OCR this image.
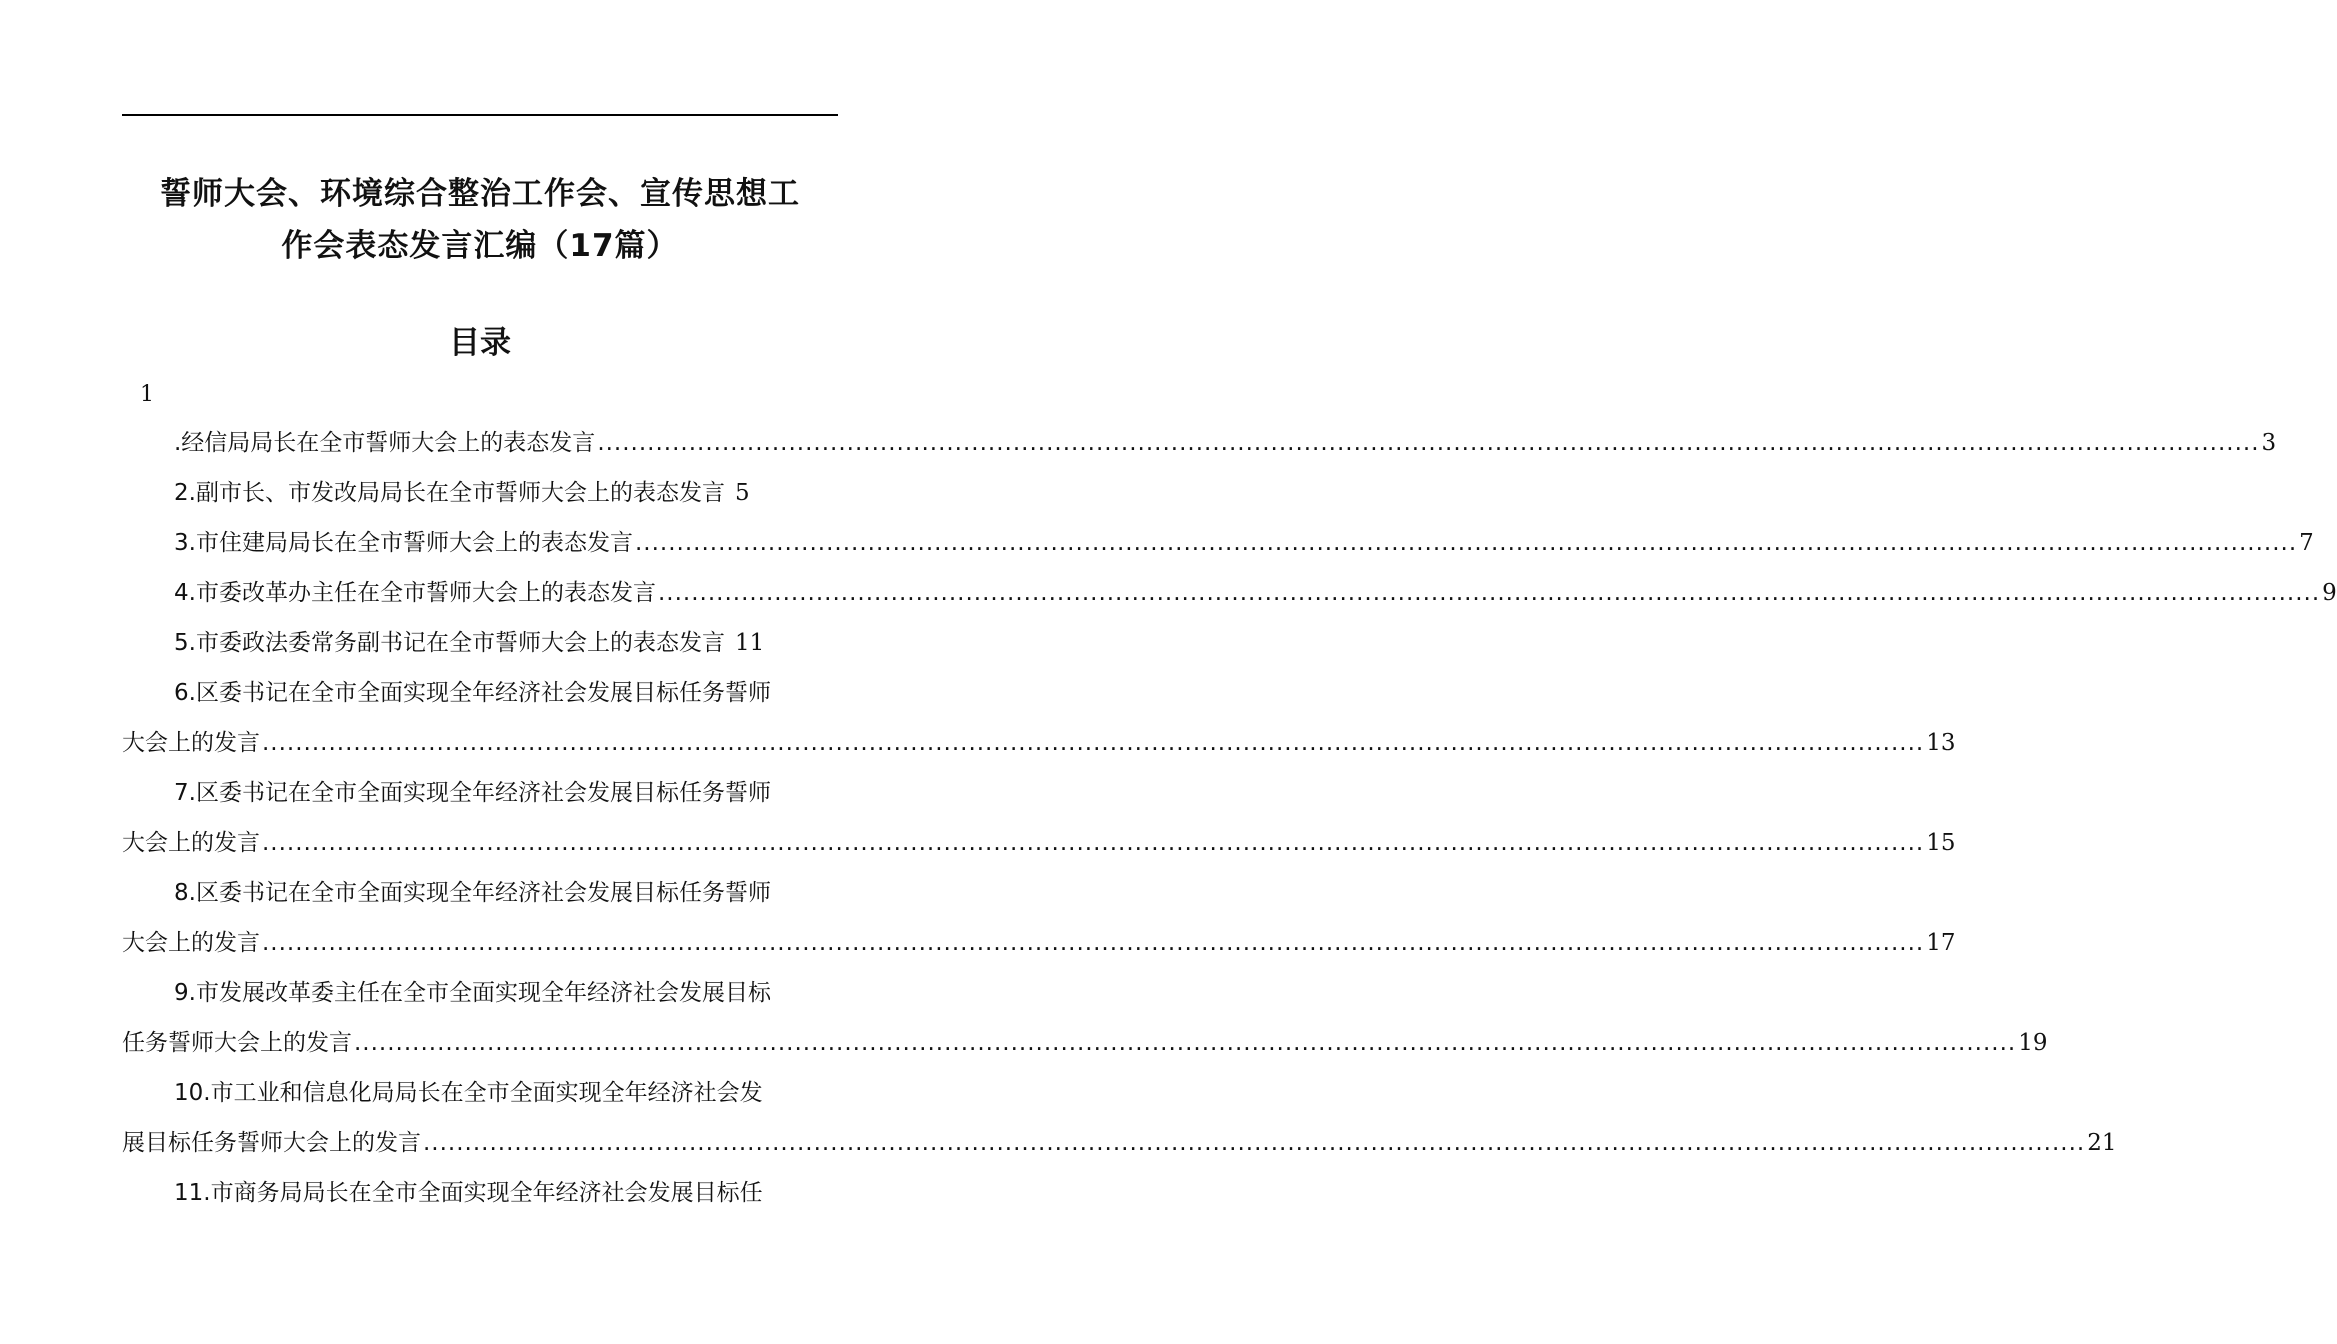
誓师大会、环境综合整治工作会、宣传思想工
作会表态发言汇编（17篇）
目录
1
.经信局局长在全市誓师大会上的表态发言 ........................................................................................................................................................................................................ 3
2.副市长、市发改局局长在全市誓师大会上的表态发言 5
3.市住建局局长在全市誓师大会上的表态发言 ........................................................................................................................................................................................................ 7
4.市委改革办主任在全市誓师大会上的表态发言 ........................................................................................................................................................................................................ 9
5.市委政法委常务副书记在全市誓师大会上的表态发言 11
6.区委书记在全市全面实现全年经济社会发展目标任务誓师
大会上的发言 ........................................................................................................................................................................................................ 13
7.区委书记在全市全面实现全年经济社会发展目标任务誓师
大会上的发言 ........................................................................................................................................................................................................ 15
8.区委书记在全市全面实现全年经济社会发展目标任务誓师
大会上的发言 ........................................................................................................................................................................................................ 17
9.市发展改革委主任在全市全面实现全年经济社会发展目标
任务誓师大会上的发言 ........................................................................................................................................................................................................ 19
10.市工业和信息化局局长在全市全面实现全年经济社会发
展目标任务誓师大会上的发言 ........................................................................................................................................................................................................ 21
11.市商务局局长在全市全面实现全年经济社会发展目标任
